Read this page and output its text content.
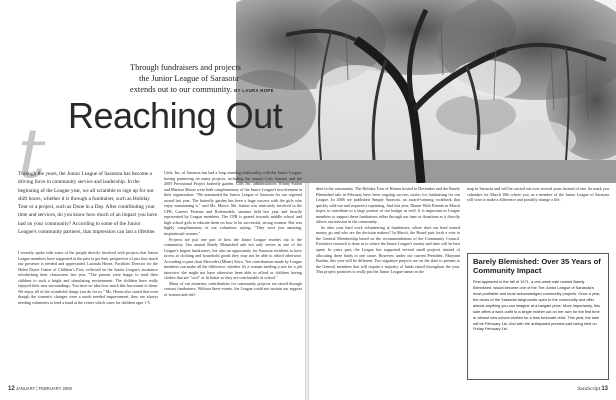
Through fundraisers and projects
the Junior League of Sarasota
extends out to our community. BY LAURA HOPE
t Reaching Out

Through the years, the Junior League of Sarasota has become a driving force in community service and leadership. In the beginning of the League year, we all scramble to sign up for our shift hours, whether it is through a fundraiser, such as Holiday Tour or a project, such as Done in a Day. After contributing your time and services, do you know how much of an impact you have had on your community? According to some of the Junior League's community partners, that impression can last a lifetime.

I recently spoke with some of the people directly involved with projects that Junior League members have supported in the past to get their perspective of just how much our presence is needed and appreciated. Latonda Horne, Facilities Director for the Helen Payne Center of Children's First, reflected on the Junior League's assistance refurbishing their classrooms last year. "The parents were happy to send their children to such a bright and stimulating environment. The children have really enjoyed their new surroundings. You have no idea how much this has meant to them. We enjoy all of the wonderful things you do for us." Ms. Horne also stated that even though the cosmetic changes were a much needed improvement, they are always needing volunteers to lend a hand at the center which cares for children ages 1-5.

Girls, Inc. of Sarasota has had a long standing relationship with the Junior League, having partnering on many projects, including the annual Girls Summit and the 2005 Provisional Project butterfly garden. Girls Inc. administrators Tiffany Sutton and Marissa Moore were both complimentary of the Junior League's involvement in their organization. "We nominated the Junior League of Sarasota for our regional award last year. The butterfly garden has been a huge success with the girls who enjoy maintaining it," said Ms. Moore. Ms. Sutton was intricately involved in the CPR, Careers Patterns and Rolemodels, seminar held last year and heavily represented by League members. The CPR is geared towards middle school and high school girls to educate them on how to be successful, strong women. She was highly complimentary of our volunteers saying, "They were just amazing, inspirational women."

Projects are just one part of how the Junior League reaches out to the community. Our annual Barely Blemished sale not only serves as one of the League's largest fundraisers, but also an opportunity for Sarasota residents to have access to clothing and household goods they may not be able to afford otherwise. According to past chair Mercedes (Miner) Silva, "the contributions made by League members can make all the difference, whether it's a woman needing a suit for a job interview she might not have otherwise been able to afford or children having clothes that are "cool" or fit better so they are comfortable at school."

Many of our monetary contributions for community projects are raised through various fundraisers. Without these events, the League could not sustain our support of women and chil-

dren in the community. The Holiday Tour of Homes hosted in December and the Barely Blemished sale in February have been ongoing success stories for fundraising for our League. In 2006 we published Simply Sarasota, an award-winning cookbook that quickly sold-out and required a reprinting. And this year, Dinner With Friends in March hopes to contribute to a large portion of our budget as well. It is important as League members to support these fundraisers either through our time or donations as it directly affects our mission in the community.

So after your hard work volunteering at fundraisers, where does our hard earned money go and who are the decision makers? In March, the Board puts forth a vote to the General Membership based on the recommendations of the Community Council. Extensive research is done as to where the Junior League's money and time will be best spent. In years past, the League has supported several small projects instead of allocating these funds to one cause. However, under our current President, Maryann Boehm, this year will be different. Two signature projects are on the slate to present to the General members that will require a majority of funds raised throughout the year. This project promises to really put the Junior League name on the

map in Sarasota and will be carried out over several years instead of one. So mark you calendars for March 18th where you, as a member of the Junior League of Sarasota will vote to make a difference and possibly change a life.

Barely Blemished: Over 35 Years of Community Impact
First appeared in the fall of 1971, a one-week sale named Barely Blemished, would become one of the The Junior League of Sarasota's most profitable and most acknowledged community projects. Once a year, the doors of the Sarasota fairgrounds open to the community and offer almost anything you can imagine at a bargain price. More importantly, this sale offers a work outfit to a single mother out on her own for the first time or almost new school clothes for a less fortunate child. This year, the sale will be February 1st -2nd with the anticipated preview part being held on Friday February 1st.
12 JANUARY | FEBRUARY 2008	SaraScript 13
